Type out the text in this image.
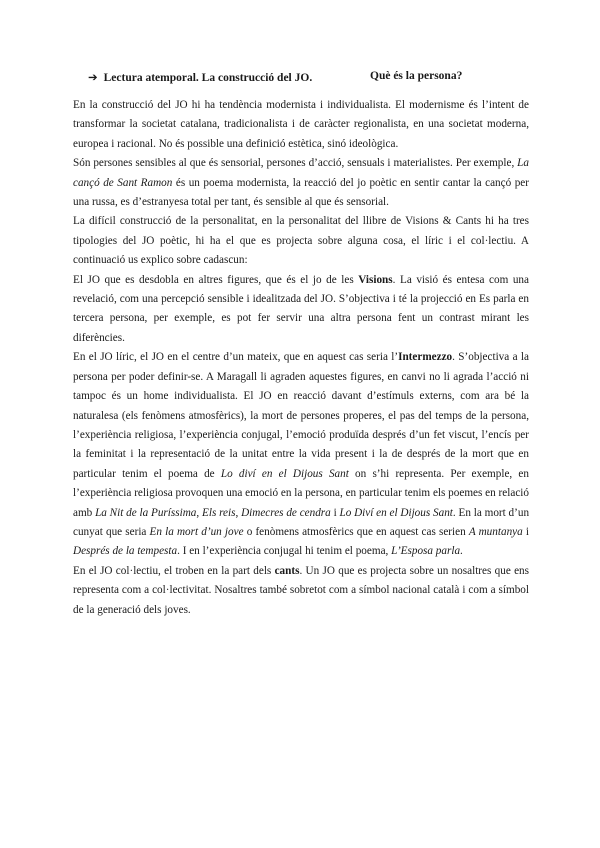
➔ Lectura atemporal. La construcció del JO.	Què és la persona?

En la construcció del JO hi ha tendència modernista i individualista. El modernisme és l’intent de transformar la societat catalana, tradicionalista i de caràcter regionalista, en una societat moderna, europea i racional. No és possible una definició estètica, sinó ideològica.

Són persones sensibles al que és sensorial, persones d’acció, sensuals i materialistes. Per exemple, La cançó de Sant Ramon és un poema modernista, la reacció del jo poètic en sentir cantar la cançó per una russa, es d’estranyesa total per tant, és sensible al que és sensorial.

La difícil construcció de la personalitat, en la personalitat del llibre de Visions & Cants hi ha tres tipologies del JO poètic, hi ha el que es projecta sobre alguna cosa, el líric i el col·lectiu. A continuació us explico sobre cadascun:

El JO que es desdobla en altres figures, que és el jo de les Visions. La visió és entesa com una revelació, com una percepció sensible i idealitzada del JO. S’objectiva i té la projecció en Es parla en tercera persona, per exemple, es pot fer servir una altra persona fent un contrast mirant les diferències.

En el JO líric, el JO en el centre d’un mateix, que en aquest cas seria l’Intermezzo. S’objectiva a la persona per poder definir-se. A Maragall li agraden aquestes figures, en canvi no li agrada l’acció ni tampoc és un home individualista. El JO en reacció davant d’estímuls externs, com ara bé la naturalesa (els fenòmens atmosfèrics), la mort de persones properes, el pas del temps de la persona, l’experiència religiosa, l’experiència conjugal, l’emoció produïda després d’un fet viscut, l’encís per la feminitat i la representació de la unitat entre la vida present i la de després de la mort que en particular tenim el poema de Lo diví en el Dijous Sant on s’hi representa. Per exemple, en l’experiència religiosa provoquen una emoció en la persona, en particular tenim els poemes en relació amb La Nit de la Puríssima, Els reis, Dimecres de cendra i Lo Diví en el Dijous Sant. En la mort d’un cunyat que seria En la mort d’un jove o fenòmens atmosfèrics que en aquest cas serien A muntanya i Després de la tempesta. I en l’experiència conjugal hi tenim el poema, L’Esposa parla.

En el JO col·lectiu, el troben en la part dels cants. Un JO que es projecta sobre un nosaltres que ens representa com a col·lectivitat. Nosaltres també sobretot com a símbol nacional català i com a símbol de la generació dels joves.
